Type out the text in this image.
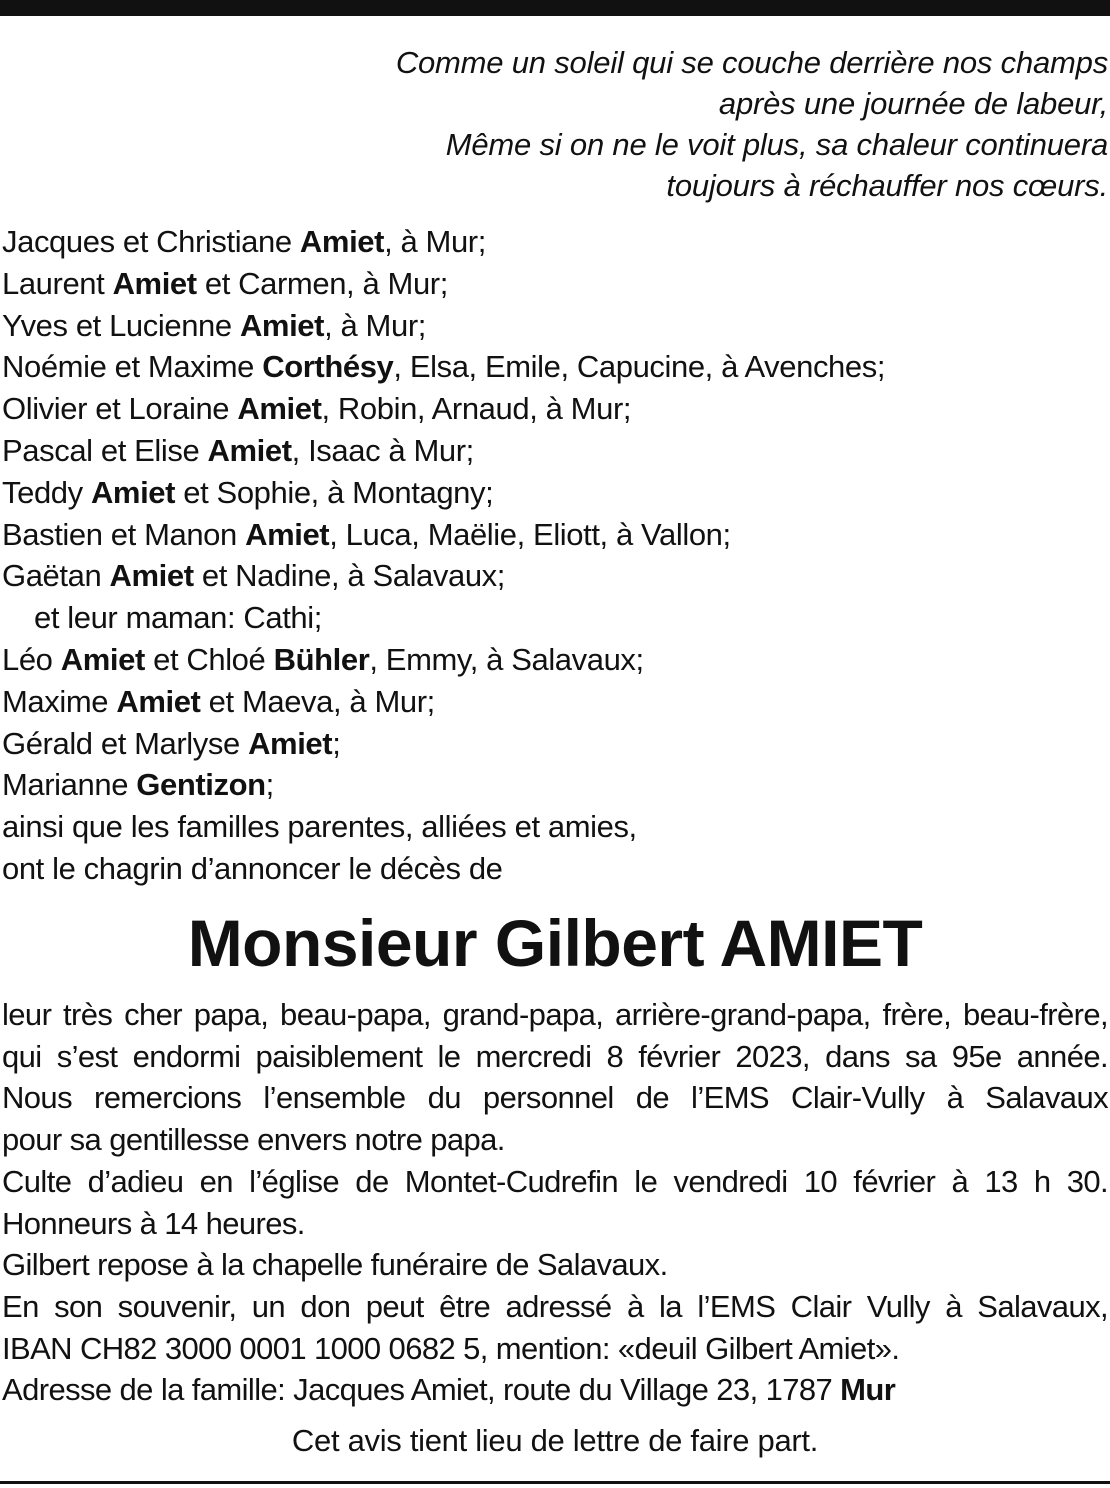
Comme un soleil qui se couche derrière nos champs
après une journée de labeur,
Même si on ne le voit plus, sa chaleur continuera
toujours à réchauffer nos cœurs.
Jacques et Christiane Amiet, à Mur;
Laurent Amiet et Carmen, à Mur;
Yves et Lucienne Amiet, à Mur;
Noémie et Maxime Corthésy, Elsa, Emile, Capucine, à Avenches;
Olivier et Loraine Amiet, Robin, Arnaud, à Mur;
Pascal et Elise Amiet, Isaac à Mur;
Teddy Amiet et Sophie, à Montagny;
Bastien et Manon Amiet, Luca, Maëlie, Eliott, à Vallon;
Gaëtan Amiet et Nadine, à Salavaux;
et leur maman: Cathi;
Léo Amiet et Chloé Bühler, Emmy, à Salavaux;
Maxime Amiet et Maeva, à Mur;
Gérald et Marlyse Amiet;
Marianne Gentizon;
ainsi que les familles parentes, alliées et amies,
ont le chagrin d’annoncer le décès de
Monsieur Gilbert AMIET
leur très cher papa, beau-papa, grand-papa, arrière-grand-papa, frère, beau-frère,
qui s’est endormi paisiblement le mercredi 8 février 2023, dans sa 95e année.
Nous remercions l’ensemble du personnel de l’EMS Clair-Vully à Salavaux
pour sa gentillesse envers notre papa.
Culte d’adieu en l’église de Montet-Cudrefin le vendredi 10 février à 13 h 30.
Honneurs à 14 heures.
Gilbert repose à la chapelle funéraire de Salavaux.
En son souvenir, un don peut être adressé à la l’EMS Clair Vully à Salavaux,
IBAN CH82 3000 0001 1000 0682 5, mention: «deuil Gilbert Amiet».
Adresse de la famille: Jacques Amiet, route du Village 23, 1787 Mur
Cet avis tient lieu de lettre de faire part.
